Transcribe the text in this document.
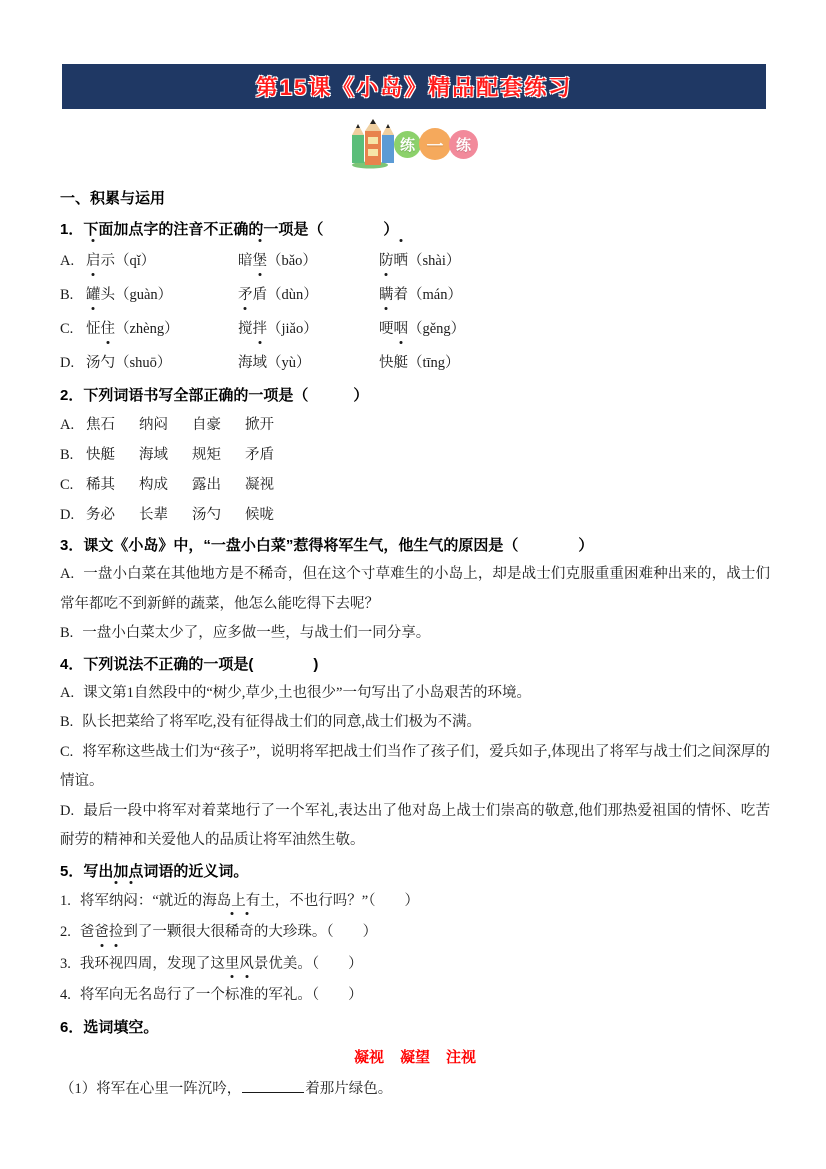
第15课《小岛》精品配套练习
练 一 练
一、积累与运用
1．下面加点字的注音不正确的一项是（　　　　）
A. 启示 （qǐ）	暗堡 （bǎo）	防晒 （shài）
B. 罐头 （guàn）	矛盾 （dùn）	瞒着 （mán）
C. 怔住 （zhèng）	搅拌 （jiǎo）	哽咽 （gěng）
D. 汤勺 （shuō）	海域 （yù）	快艇 （tīng）
2．下列词语书写全部正确的一项是（　　　）
A. 焦石 纳闷 自豪 掀开
B. 快艇 海域 规矩 矛盾
C. 稀其 构成 露出 凝视
D. 务必 长辈 汤勺 候咙
3．课文《小岛》中，“一盘小白菜”惹得将军生气，他生气的原因是（　　　　）

A. 一盘小白菜在其他地方是不稀奇，但在这个寸草难生的小岛上，却是战士们克服重重困难种出来的，战士们常年都吃不到新鲜的蔬菜，他怎么能吃得下去呢？

B. 一盘小白菜太少了，应多做一些，与战士们一同分享。

4．下列说法不正确的一项是(　　　　)

A. 课文第1自然段中的“树少,草少,土也很少”一句写出了小岛艰苦的环境。

B. 队长把菜给了将军吃,没有征得战士们的同意,战士们极为不满。

C. 将军称这些战士们为“孩子”，说明将军把战士们当作了孩子们，爱兵如子,体现出了将军与战士们之间深厚的情谊。

D. 最后一段中将军对着菜地行了一个军礼,表达出了他对岛上战士们崇高的敬意,他们那热爱祖国的情怀、吃苦耐劳的精神和关爱他人的品质让将军油然生敬。

5．写出加点词语的近义词。
1. 将军纳闷：“就近的海岛上有土，不也行吗？”（　　）
2. 爸爸捡到了一颗很大很稀奇的大珍珠。（　　）
3. 我环视四周，发现了这里风景优美。（　　）
4. 将军向无名岛行了一个标准的军礼。（　　）
6．选词填空。
凝视 凝望 注视
（1）将军在心里一阵沉吟，	着那片绿色。
